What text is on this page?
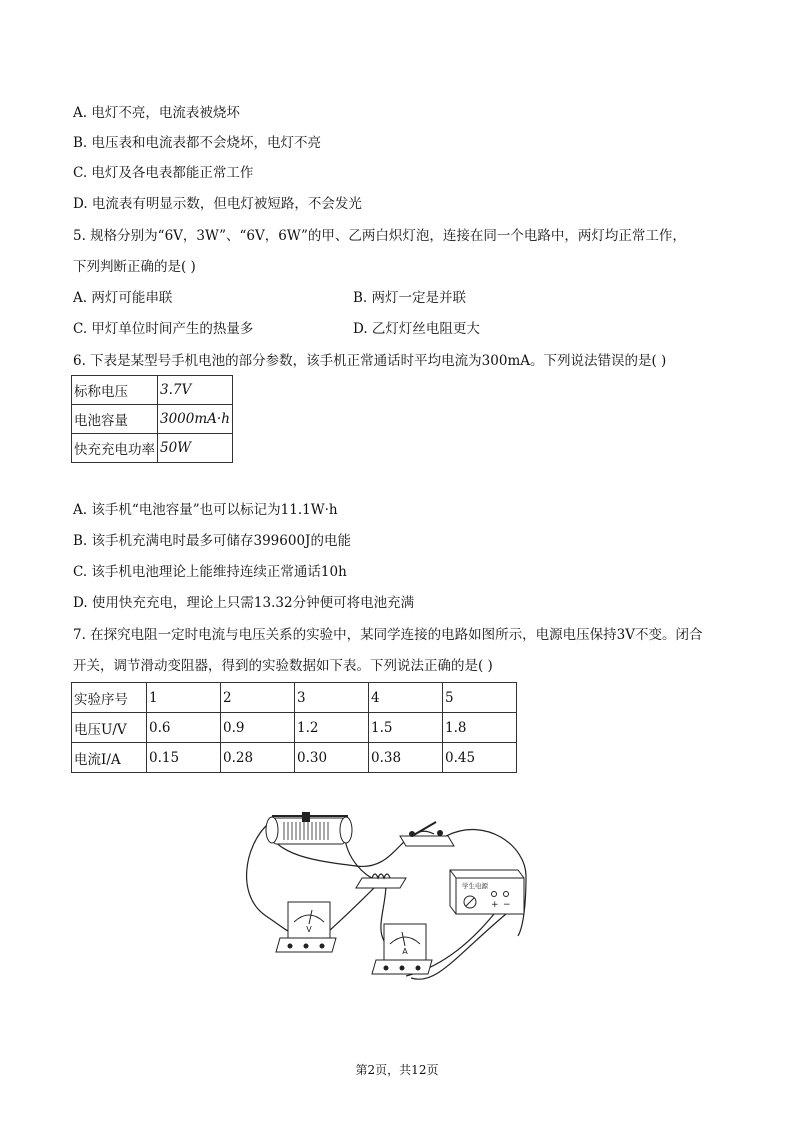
A. 电灯不亮，电流表被烧坏
B. 电压表和电流表都不会烧坏，电灯不亮
C. 电灯及各电表都能正常工作
D. 电流表有明显示数，但电灯被短路，不会发光
5. 规格分别为“6V，3W”、“6V，6W”的甲、乙两白炽灯泡，连接在同一个电路中，两灯均正常工作，
下列判断正确的是( )
A. 两灯可能串联	B. 两灯一定是并联
C. 甲灯单位时间产生的热量多	D. 乙灯灯丝电阻更大
6. 下表是某型号手机电池的部分参数，该手机正常通话时平均电流为300mA。下列说法错误的是( )
标称电压	3.7V
电池容量	3000mA·h
快充充电功率	50W
A. 该手机“电池容量”也可以标记为11.1W·h
B. 该手机充满电时最多可储存399600J的电能
C. 该手机电池理论上能维持连续正常通话10h
D. 使用快充充电，理论上只需13.32分钟便可将电池充满
7. 在探究电阻一定时电流与电压关系的实验中，某同学连接的电路如图所示，电源电压保持3V不变。闭合
开关，调节滑动变阻器，得到的实验数据如下表。下列说法正确的是( )
实验序号	1	2	3	4	5
电压U/V	0.6	0.9	1.2	1.5	1.8
电流I/A	0.15	0.28	0.30	0.38	0.45
V
A
学生电源
+ −
第2页，共12页
